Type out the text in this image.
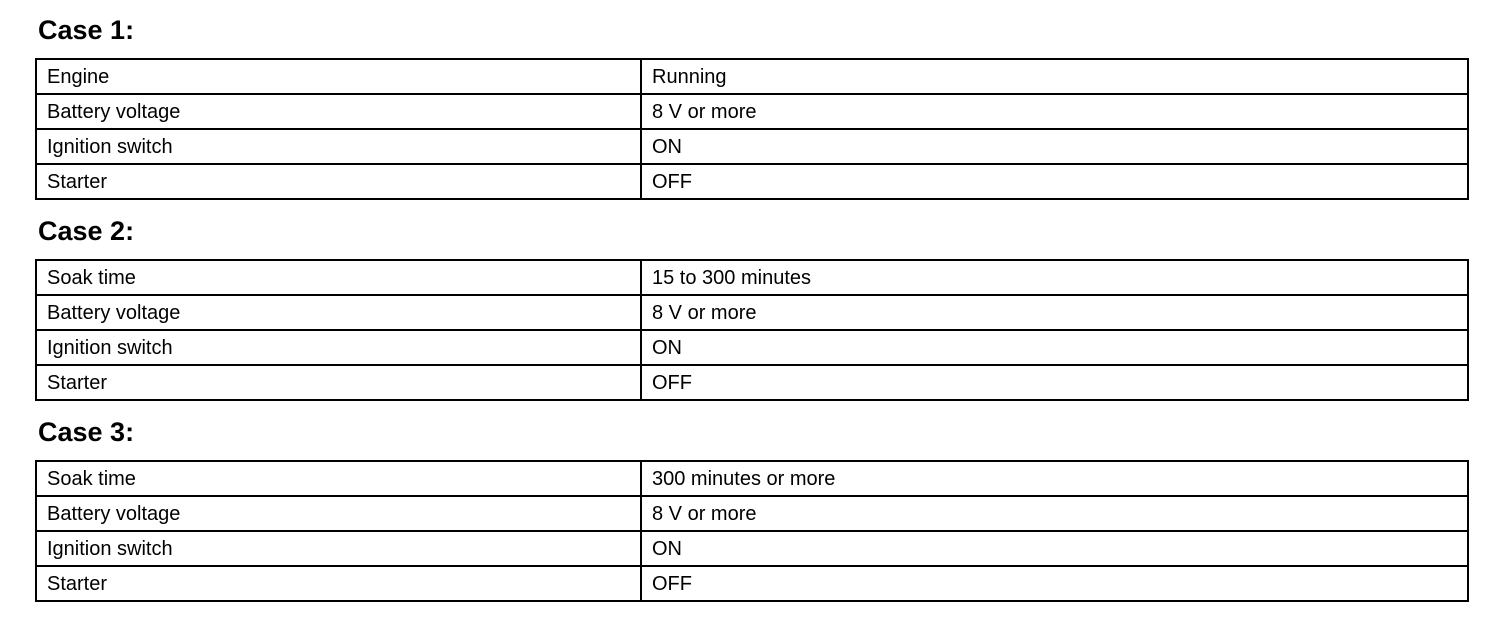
Case 1:
Engine	Running
Battery voltage	8 V or more
Ignition switch	ON
Starter	OFF
Case 2:
Soak time	15 to 300 minutes
Battery voltage	8 V or more
Ignition switch	ON
Starter	OFF
Case 3:
Soak time	300 minutes or more
Battery voltage	8 V or more
Ignition switch	ON
Starter	OFF
